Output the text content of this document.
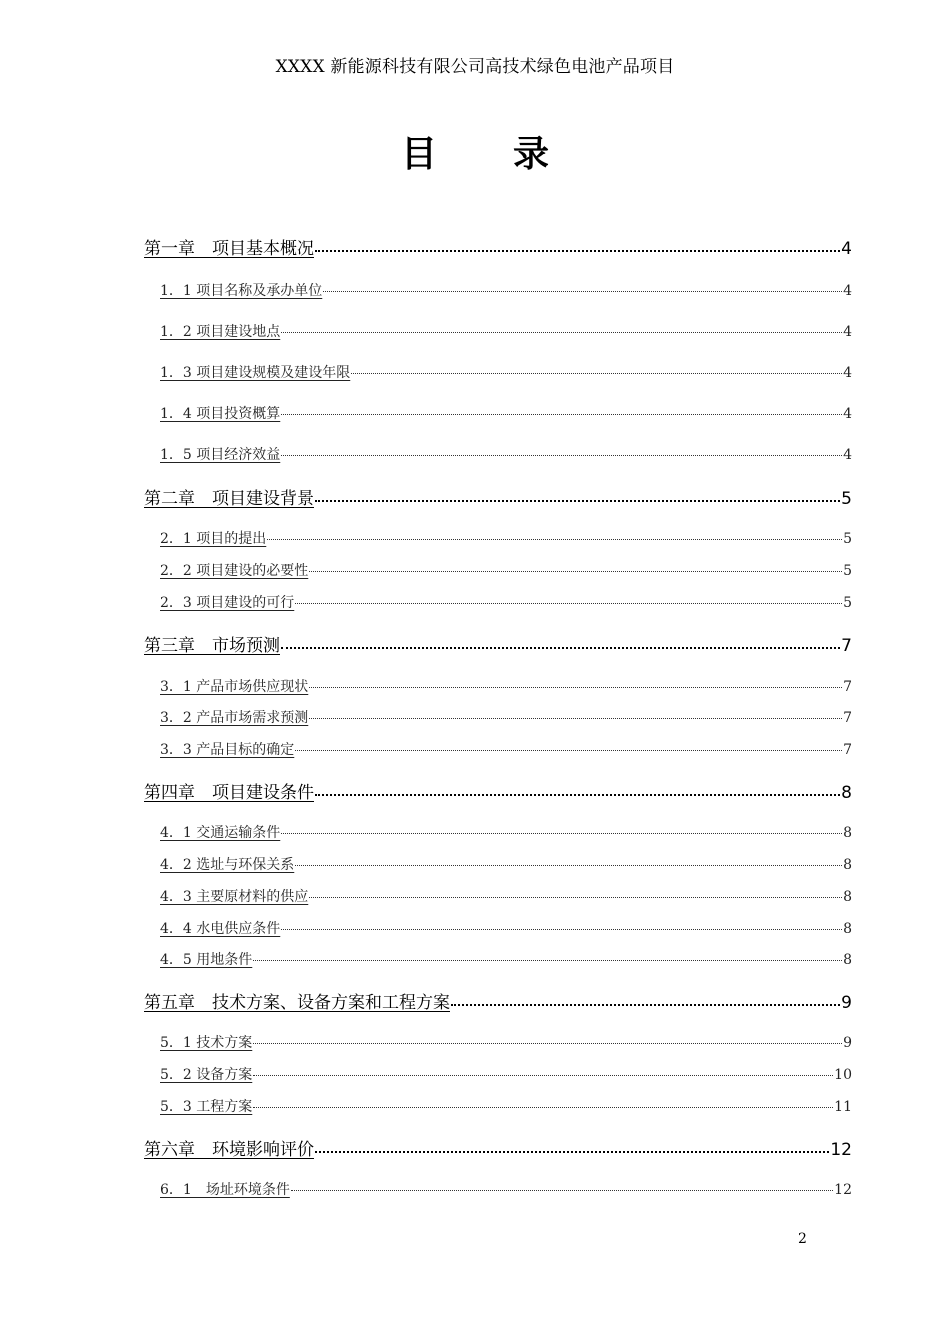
XXXX 新能源科技有限公司高技术绿色电池产品项目
目 录
第一章　项目基本概况	4
1．1 项目名称及承办单位	4
1．2 项目建设地点	4
1．3 项目建设规模及建设年限	4
1．4 项目投资概算	4
1．5 项目经济效益	4
第二章　项目建设背景	5
2．1 项目的提出	5
2．2 项目建设的必要性	5
2．3 项目建设的可行	5
第三章　市场预测	7
3．1 产品市场供应现状	7
3．2 产品市场需求预测	7
3．3 产品目标的确定	7
第四章　项目建设条件	8
4．1 交通运输条件	8
4．2 选址与环保关系	8
4．3 主要原材料的供应	8
4．4 水电供应条件	8
4．5 用地条件	8
第五章　技术方案、设备方案和工程方案	9
5．1 技术方案	9
5．2 设备方案	10
5．3 工程方案	11
第六章　环境影响评价	12
6．1　场址环境条件	12
2
